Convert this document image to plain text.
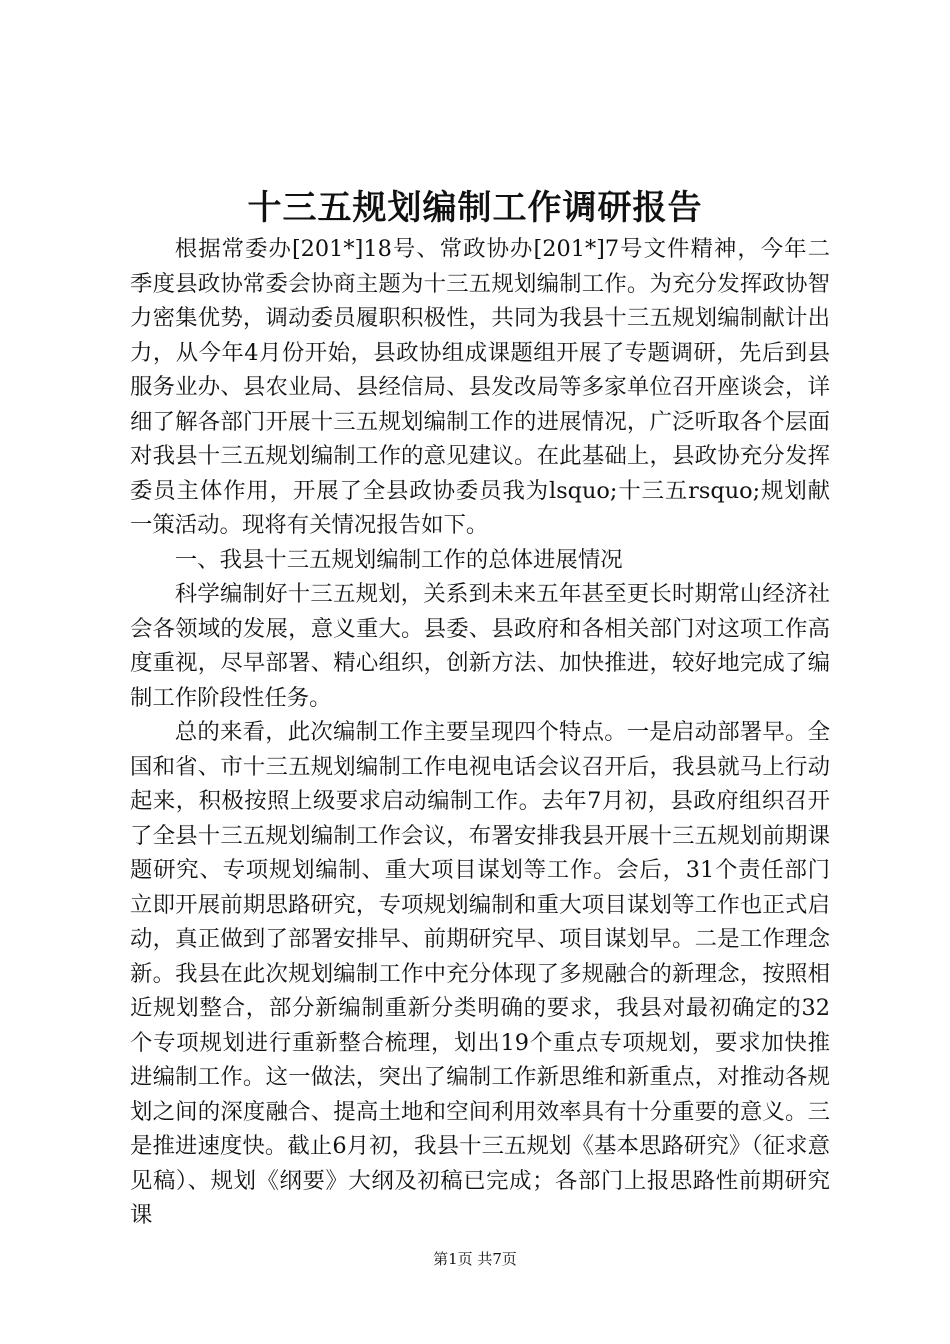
十三五规划编制工作调研报告

根据常委办[201*]18号、常政协办[201*]7号文件精神，今年二季度县政协常委会协商主题为十三五规划编制工作。为充分发挥政协智力密集优势，调动委员履职积极性，共同为我县十三五规划编制献计出力，从今年4月份开始，县政协组成课题组开展了专题调研，先后到县服务业办、县农业局、县经信局、县发改局等多家单位召开座谈会，详细了解各部门开展十三五规划编制工作的进展情况，广泛听取各个层面对我县十三五规划编制工作的意见建议。在此基础上，县政协充分发挥委员主体作用，开展了全县政协委员我为lsquo;十三五rsquo;规划献一策活动。现将有关情况报告如下。

一、我县十三五规划编制工作的总体进展情况

科学编制好十三五规划，关系到未来五年甚至更长时期常山经济社会各领域的发展，意义重大。县委、县政府和各相关部门对这项工作高度重视，尽早部署、精心组织，创新方法、加快推进，较好地完成了编制工作阶段性任务。

总的来看，此次编制工作主要呈现四个特点。一是启动部署早。全国和省、市十三五规划编制工作电视电话会议召开后，我县就马上行动起来，积极按照上级要求启动编制工作。去年7月初，县政府组织召开了全县十三五规划编制工作会议，布署安排我县开展十三五规划前期课题研究、专项规划编制、重大项目谋划等工作。会后，31个责任部门立即开展前期思路研究，专项规划编制和重大项目谋划等工作也正式启动，真正做到了部署安排早、前期研究早、项目谋划早。二是工作理念新。我县在此次规划编制工作中充分体现了多规融合的新理念，按照相近规划整合，部分新编制重新分类明确的要求，我县对最初确定的32个专项规划进行重新整合梳理，划出19个重点专项规划，要求加快推进编制工作。这一做法，突出了编制工作新思维和新重点，对推动各规划之间的深度融合、提高土地和空间利用效率具有十分重要的意义。三是推进速度快。截止6月初，我县十三五规划《基本思路研究》（征求意见稿）、规划《纲要》大纲及初稿已完成；各部门上报思路性前期研究课

第1页 共7页
